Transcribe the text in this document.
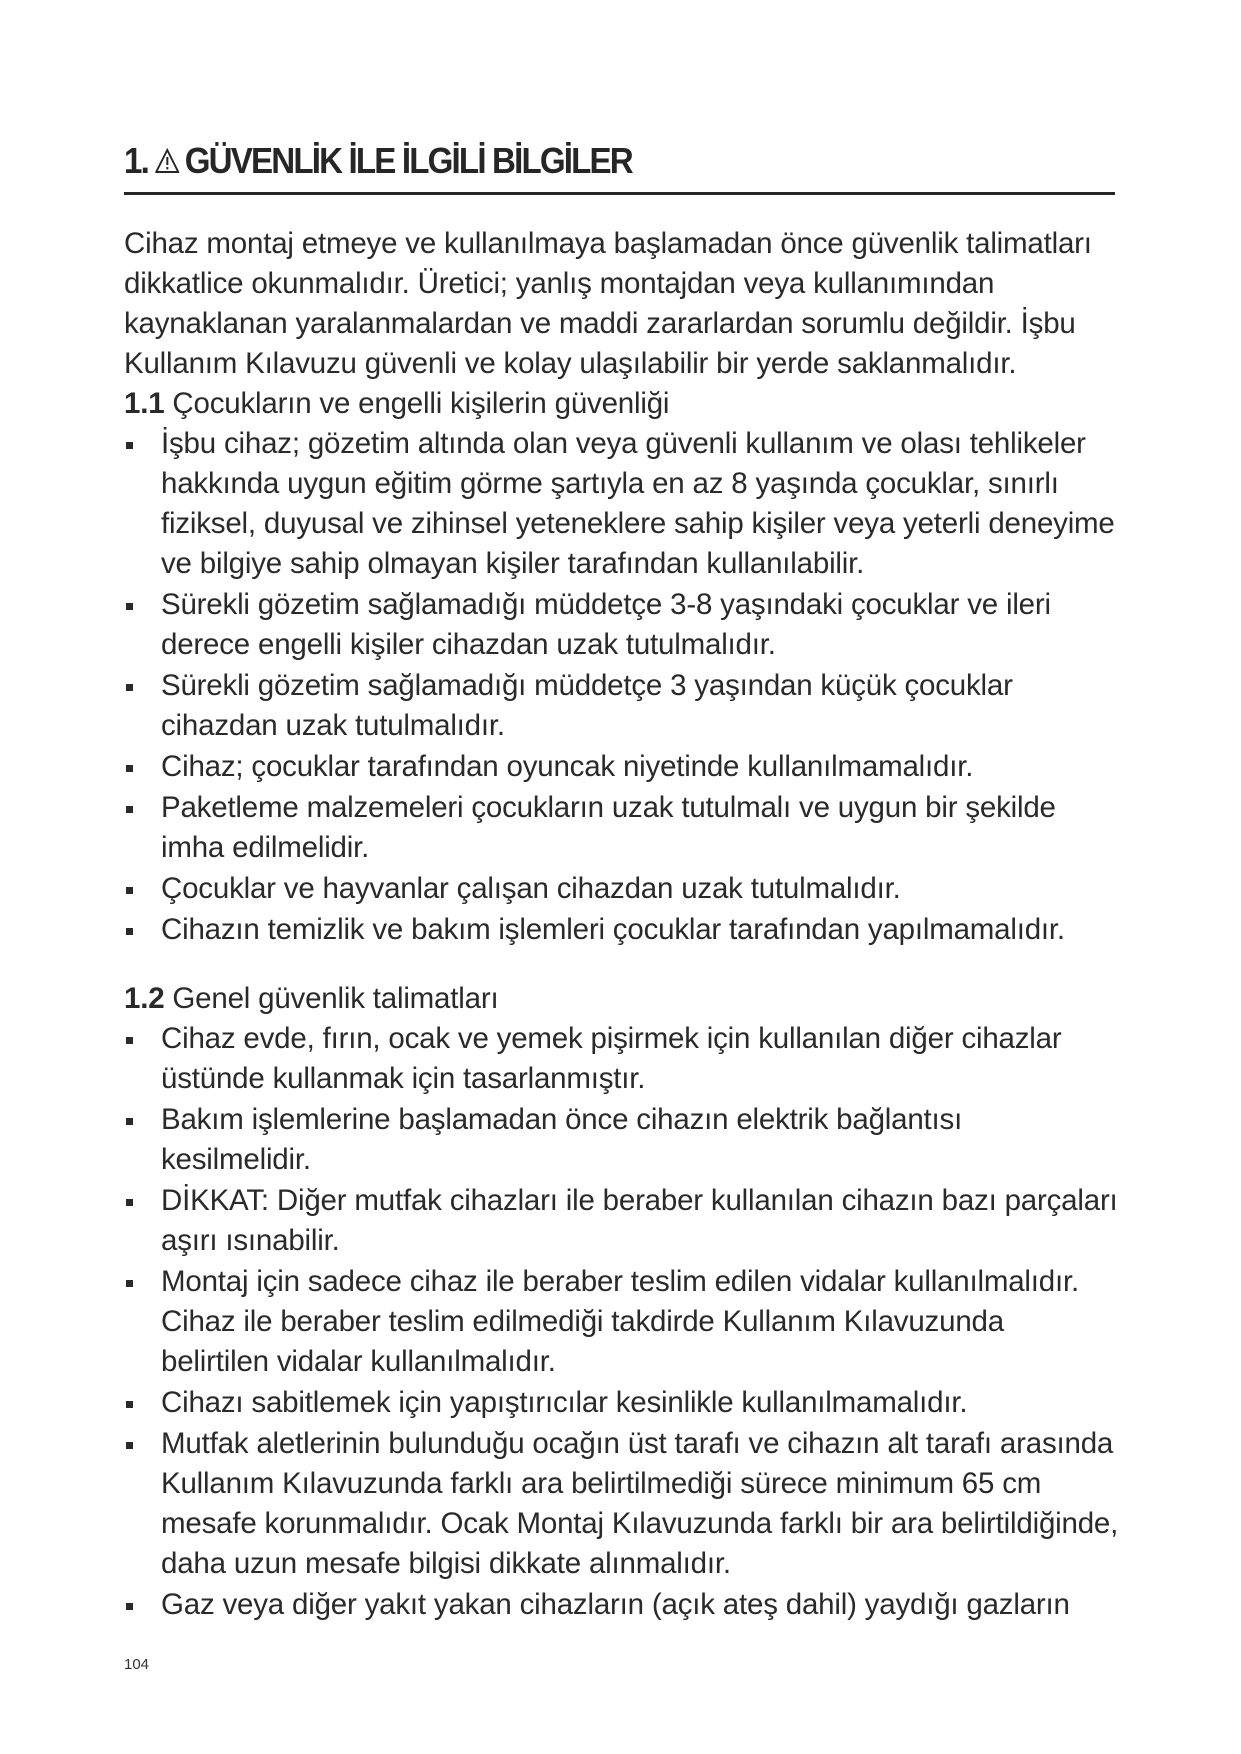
1. GÜVENLİK İLE İLGİLİ BİLGİLER

Cihaz montaj etmeye ve kullanılmaya başlamadan önce güvenlik talimatları dikkatlice okunmalıdır. Üretici; yanlış montajdan veya kullanımından kaynaklanan yaralanmalardan ve maddi zararlardan sorumlu değildir. İşbu Kullanım Kılavuzu güvenli ve kolay ulaşılabilir bir yerde saklanmalıdır.

1.1 Çocukların ve engelli kişilerin güvenliği

İşbu cihaz; gözetim altında olan veya güvenli kullanım ve olası tehlikeler hakkında uygun eğitim görme şartıyla en az 8 yaşında çocuklar, sınırlı fiziksel, duyusal ve zihinsel yeteneklere sahip kişiler veya yeterli deneyime ve bilgiye sahip olmayan kişiler tarafından kullanılabilir.
Sürekli gözetim sağlamadığı müddetçe 3-8 yaşındaki çocuklar ve ileri derece engelli kişiler cihazdan uzak tutulmalıdır.
Sürekli gözetim sağlamadığı müddetçe 3 yaşından küçük çocuklar cihazdan uzak tutulmalıdır.
Cihaz; çocuklar tarafından oyuncak niyetinde kullanılmamalıdır.
Paketleme malzemeleri çocukların uzak tutulmalı ve uygun bir şekilde imha edilmelidir.
Çocuklar ve hayvanlar çalışan cihazdan uzak tutulmalıdır.
Cihazın temizlik ve bakım işlemleri çocuklar tarafından yapılmamalıdır.

1.2 Genel güvenlik talimatları

Cihaz evde, fırın, ocak ve yemek pişirmek için kullanılan diğer cihazlar üstünde kullanmak için tasarlanmıştır.
Bakım işlemlerine başlamadan önce cihazın elektrik bağlantısı kesilmelidir.
DİKKAT: Diğer mutfak cihazları ile beraber kullanılan cihazın bazı parçaları aşırı ısınabilir.
Montaj için sadece cihaz ile beraber teslim edilen vidalar kullanılmalıdır. Cihaz ile beraber teslim edilmediği takdirde Kullanım Kılavuzunda belirtilen vidalar kullanılmalıdır.
Cihazı sabitlemek için yapıştırıcılar kesinlikle kullanılmamalıdır.
Mutfak aletlerinin bulunduğu ocağın üst tarafı ve cihazın alt tarafı arasında Kullanım Kılavuzunda farklı ara belirtilmediği sürece minimum 65 cm mesafe korunmalıdır. Ocak Montaj Kılavuzunda farklı bir ara belirtildiğinde, daha uzun mesafe bilgisi dikkate alınmalıdır.
Gaz veya diğer yakıt yakan cihazların (açık ateş dahil) yaydığı gazların
104
